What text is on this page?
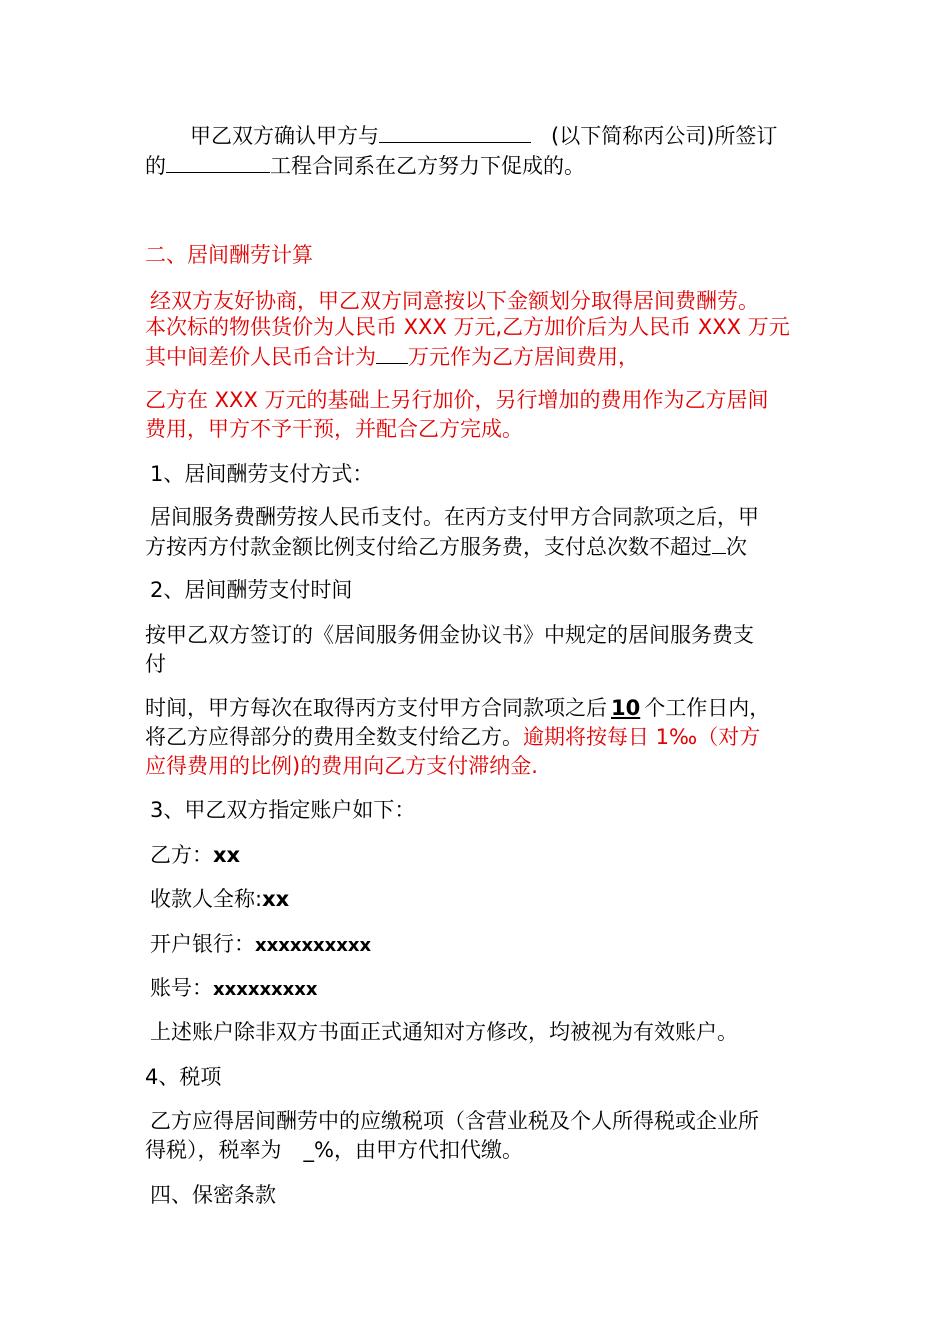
甲乙双方确认甲方与	(以下简称丙公司)所签订
的	工程合同系在乙方努力下促成的。
二、居间酬劳计算
经双方友好协商，甲乙双方同意按以下金额划分取得居间费酬劳。
本次标的物供货价为人民币 XXX 万元,乙方加价后为人民币 XXX 万元
其中间差价人民币合计为 万元作为乙方居间费用，
乙方在 XXX 万元的基础上另行加价，另行增加的费用作为乙方居间
费用，甲方不予干预，并配合乙方完成。
1、居间酬劳支付方式：
居间服务费酬劳按人民币支付。在丙方支付甲方合同款项之后，甲
方按丙方付款金额比例支付给乙方服务费，支付总次数不超过 次
2、居间酬劳支付时间
按甲乙双方签订的《居间服务佣金协议书》中规定的居间服务费支
付
时间，甲方每次在取得丙方支付甲方合同款项之后 10 个工作日内，
将乙方应得部分的费用全数支付给乙方。逾期将按每日 1‰（对方
应得费用的比例)的费用向乙方支付滞纳金.
3、甲乙双方指定账户如下：
乙方：xx
收款人全称:xx
开户银行：xxxxxxxxxx
账号：xxxxxxxxx
上述账户除非双方书面正式通知对方修改，均被视为有效账户。
4、税项
乙方应得居间酬劳中的应缴税项（含营业税及个人所得税或企业所
得税），税率为 _%，由甲方代扣代缴。
四、保密条款
